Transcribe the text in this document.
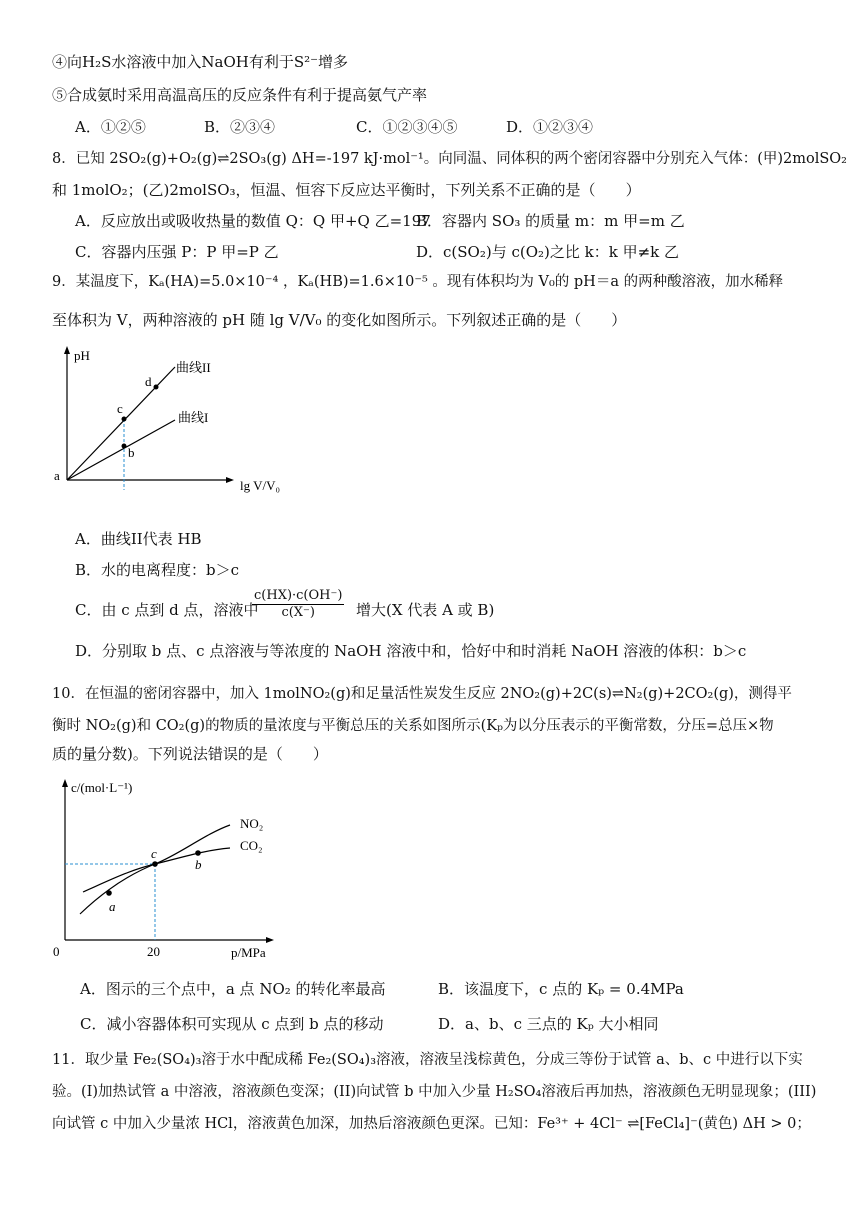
④向H₂S水溶液中加入NaOH有利于S²⁻增多
⑤合成氨时采用高温高压的反应条件有利于提高氨气产率
A．①②⑤	B．②③④	C．①②③④⑤	D．①②③④
8．已知 2SO₂(g)+O₂(g)⇌2SO₃(g) ΔH=-197 kJ·mol⁻¹。向同温、同体积的两个密闭容器中分别充入气体：(甲)2molSO₂
和 1molO₂；(乙)2molSO₃，恒温、恒容下反应达平衡时，下列关系不正确的是（　　）
A．反应放出或吸收热量的数值 Q：Q 甲+Q 乙=197
B．容器内 SO₃ 的质量 m：m 甲=m 乙
C．容器内压强 P：P 甲=P 乙	D．c(SO₂)与 c(O₂)之比 k：k 甲≠k 乙
9．某温度下，Kₐ(HA)=5.0×10⁻⁴ ，Kₐ(HB)=1.6×10⁻⁵ 。现有体积均为 V₀的 pH＝a 的两种酸溶液，加水稀释
至体积为 V，两种溶液的 pH 随 lg V/V₀ 的变化如图所示。下列叙述正确的是（　　）
pH
lg V/V₀
曲线II
曲线I
a
b
c
d
A．曲线II代表 HB
B．水的电离程度：b＞c
C．由 c 点到 d 点，溶液中
$\frac{c(HX)\cdot c(OH^-)}{c(X^-)}$ 增大(X 代表 A 或 B)
D．分别取 b 点、c 点溶液与等浓度的 NaOH 溶液中和，恰好中和时消耗 NaOH 溶液的体积：b＞c
10．在恒温的密闭容器中，加入 1molNO₂(g)和足量活性炭发生反应 2NO₂(g)+2C(s)⇌N₂(g)+2CO₂(g)，测得平
衡时 NO₂(g)和 CO₂(g)的物质的量浓度与平衡总压的关系如图所示(Kₚ为以分压表示的平衡常数，分压=总压×物
质的量分数)。下列说法错误的是（　　）
c/(mol·L⁻¹)
p/MPa
0	20
NO₂
CO₂
a
c
b
A．图示的三个点中，a 点 NO₂ 的转化率最高	B．该温度下，c 点的 Kₚ = 0.4MPa
C．减小容器体积可实现从 c 点到 b 点的移动	D．a、b、c 三点的 Kₚ 大小相同
11．取少量 Fe₂(SO₄)₃溶于水中配成稀 Fe₂(SO₄)₃溶液，溶液呈浅棕黄色，分成三等份于试管 a、b、c 中进行以下实
验。(I)加热试管 a 中溶液，溶液颜色变深；(II)向试管 b 中加入少量 H₂SO₄溶液后再加热，溶液颜色无明显现象；(III)
向试管 c 中加入少量浓 HCl，溶液黄色加深，加热后溶液颜色更深。已知：Fe³⁺ + 4Cl⁻ ⇌[FeCl₄]⁻(黄色) ΔH > 0；
